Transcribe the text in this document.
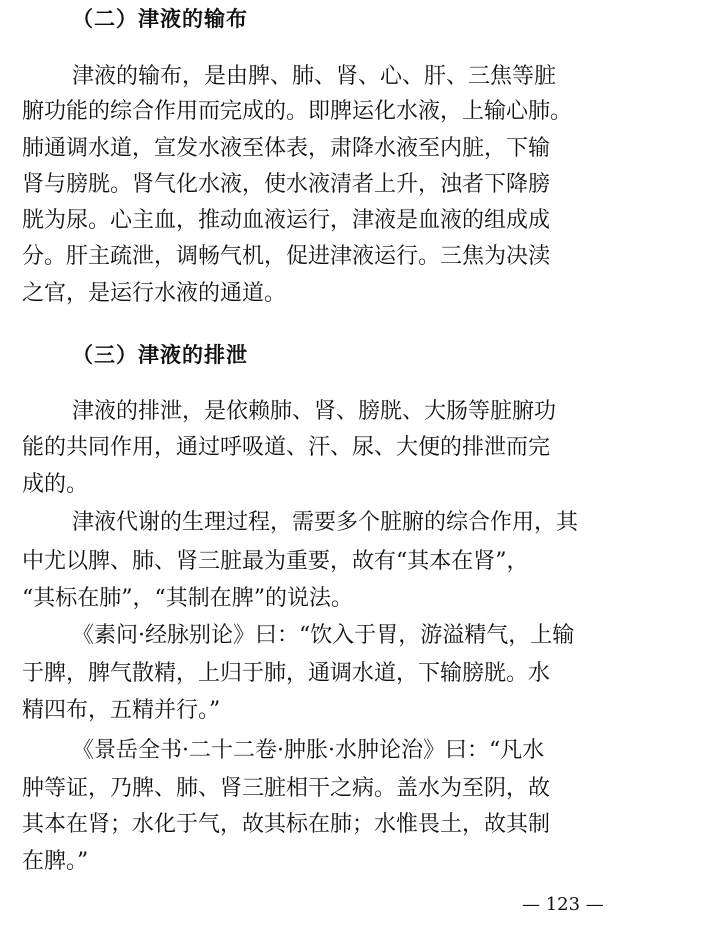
（二）津液的输布
津液的输布，是由脾、肺、肾、心、肝、三焦等脏
腑功能的综合作用而完成的。即脾运化水液，上输心肺。
肺通调水道，宣发水液至体表，肃降水液至内脏，下输
肾与膀胱。肾气化水液，使水液清者上升，浊者下降膀
胱为尿。心主血，推动血液运行，津液是血液的组成成
分。肝主疏泄，调畅气机，促进津液运行。三焦为决渎
之官，是运行水液的通道。
（三）津液的排泄
津液的排泄，是依赖肺、肾、膀胱、大肠等脏腑功
能的共同作用，通过呼吸道、汗、尿、大便的排泄而完
成的。
津液代谢的生理过程，需要多个脏腑的综合作用，其
中尤以脾、肺、肾三脏最为重要，故有“其本在肾”，
“其标在肺”，“其制在脾”的说法。
《素问·经脉别论》曰：“饮入于胃，游溢精气，上输
于脾，脾气散精，上归于肺，通调水道，下输膀胱。水
精四布，五精并行。”
《景岳全书·二十二卷·肿胀·水肿论治》曰：“凡水
肿等证，乃脾、肺、肾三脏相干之病。盖水为至阴，故
其本在肾；水化于气，故其标在肺；水惟畏土，故其制
在脾。”
— 123 —
